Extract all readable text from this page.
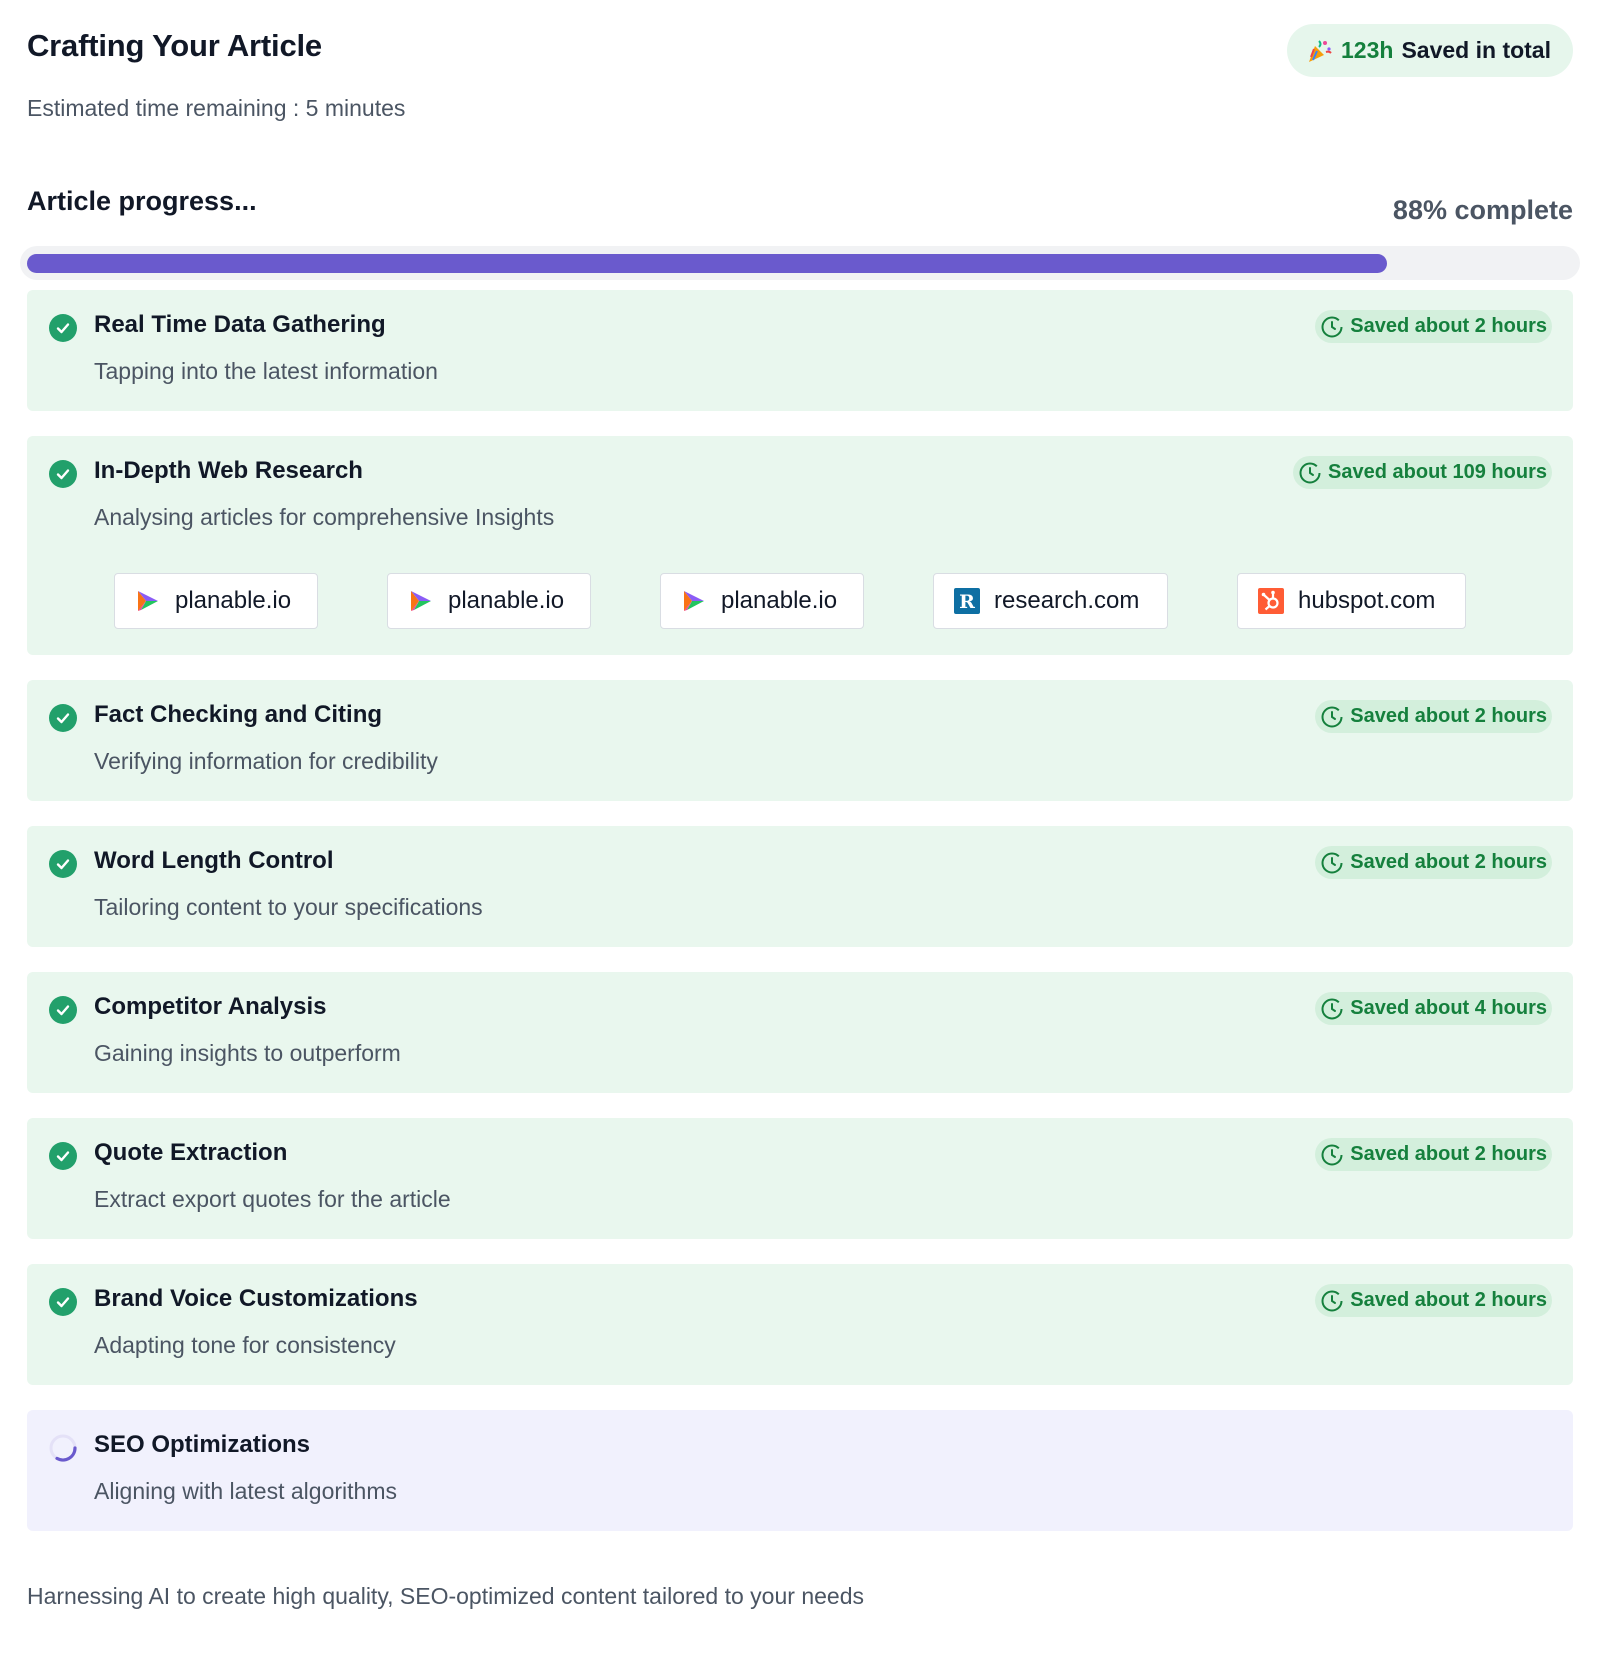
Crafting Your Article
Estimated time remaining : 5 minutes
123h Saved in total
Article progress...	88% complete
Real Time Data Gathering
Tapping into the latest information
Saved about 2 hours
In-Depth Web Research
Analysing articles for comprehensive Insights
Saved about 109 hours
planable.io	planable.io	planable.io	R research.com	hubspot.com
Fact Checking and Citing
Verifying information for credibility
Saved about 2 hours
Word Length Control
Tailoring content to your specifications
Saved about 2 hours
Competitor Analysis
Gaining insights to outperform
Saved about 4 hours
Quote Extraction
Extract export quotes for the article
Saved about 2 hours
Brand Voice Customizations
Adapting tone for consistency
Saved about 2 hours
SEO Optimizations
Aligning with latest algorithms
Harnessing AI to create high quality, SEO-optimized content tailored to your needs
